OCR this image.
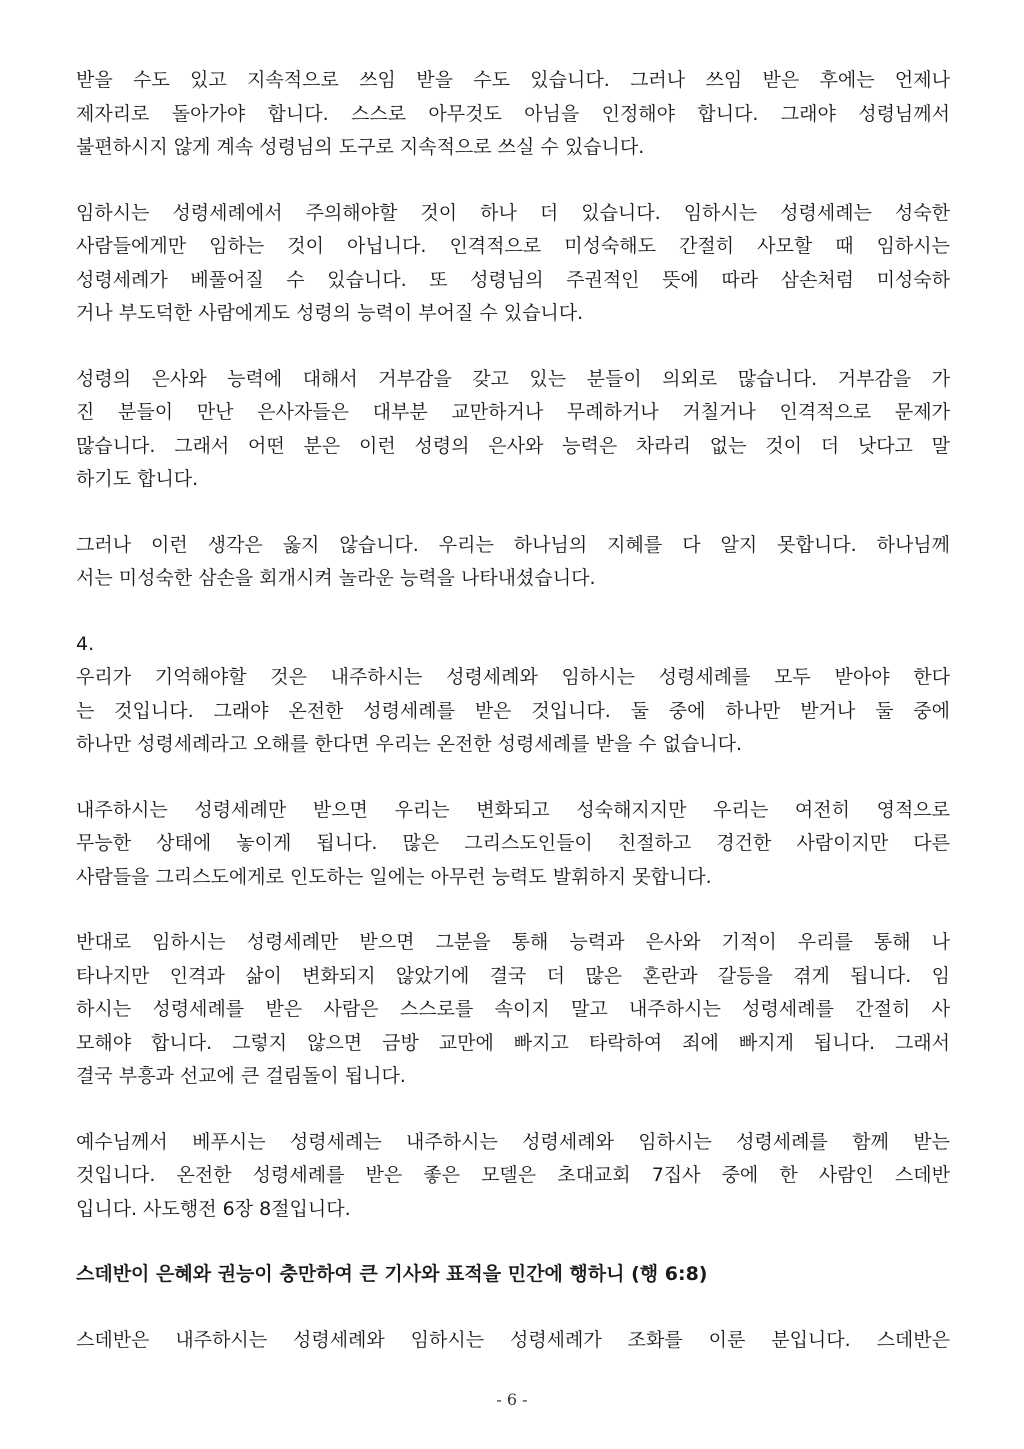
받을 수도 있고 지속적으로 쓰임 받을 수도 있습니다. 그러나 쓰임 받은 후에는 언제나
제자리로 돌아가야 합니다. 스스로 아무것도 아님을 인정해야 합니다. 그래야 성령님께서
불편하시지 않게 계속 성령님의 도구로 지속적으로 쓰실 수 있습니다.
임하시는 성령세례에서 주의해야할 것이 하나 더 있습니다. 임하시는 성령세례는 성숙한
사람들에게만 임하는 것이 아닙니다. 인격적으로 미성숙해도 간절히 사모할 때 임하시는
성령세례가 베풀어질 수 있습니다. 또 성령님의 주권적인 뜻에 따라 삼손처럼 미성숙하
거나 부도덕한 사람에게도 성령의 능력이 부어질 수 있습니다.
성령의 은사와 능력에 대해서 거부감을 갖고 있는 분들이 의외로 많습니다. 거부감을 가
진 분들이 만난 은사자들은 대부분 교만하거나 무례하거나 거칠거나 인격적으로 문제가
많습니다. 그래서 어떤 분은 이런 성령의 은사와 능력은 차라리 없는 것이 더 낫다고 말
하기도 합니다.
그러나 이런 생각은 옳지 않습니다. 우리는 하나님의 지혜를 다 알지 못합니다. 하나님께
서는 미성숙한 삼손을 회개시켜 놀라운 능력을 나타내셨습니다.
4.
우리가 기억해야할 것은 내주하시는 성령세례와 임하시는 성령세례를 모두 받아야 한다
는 것입니다. 그래야 온전한 성령세례를 받은 것입니다. 둘 중에 하나만 받거나 둘 중에
하나만 성령세례라고 오해를 한다면 우리는 온전한 성령세례를 받을 수 없습니다.
내주하시는 성령세례만 받으면 우리는 변화되고 성숙해지지만 우리는 여전히 영적으로
무능한 상태에 놓이게 됩니다. 많은 그리스도인들이 친절하고 경건한 사람이지만 다른
사람들을 그리스도에게로 인도하는 일에는 아무런 능력도 발휘하지 못합니다.
반대로 임하시는 성령세례만 받으면 그분을 통해 능력과 은사와 기적이 우리를 통해 나
타나지만 인격과 삶이 변화되지 않았기에 결국 더 많은 혼란과 갈등을 겪게 됩니다. 임
하시는 성령세례를 받은 사람은 스스로를 속이지 말고 내주하시는 성령세례를 간절히 사
모해야 합니다. 그렇지 않으면 금방 교만에 빠지고 타락하여 죄에 빠지게 됩니다. 그래서
결국 부흥과 선교에 큰 걸림돌이 됩니다.
예수님께서 베푸시는 성령세례는 내주하시는 성령세례와 임하시는 성령세례를 함께 받는
것입니다. 온전한 성령세례를 받은 좋은 모델은 초대교회 7집사 중에 한 사람인 스데반
입니다. 사도행전 6장 8절입니다.
스데반이 은혜와 권능이 충만하여 큰 기사와 표적을 민간에 행하니 (행 6:8)
스데반은 내주하시는 성령세례와 임하시는 성령세례가 조화를 이룬 분입니다. 스데반은
- 6 -
